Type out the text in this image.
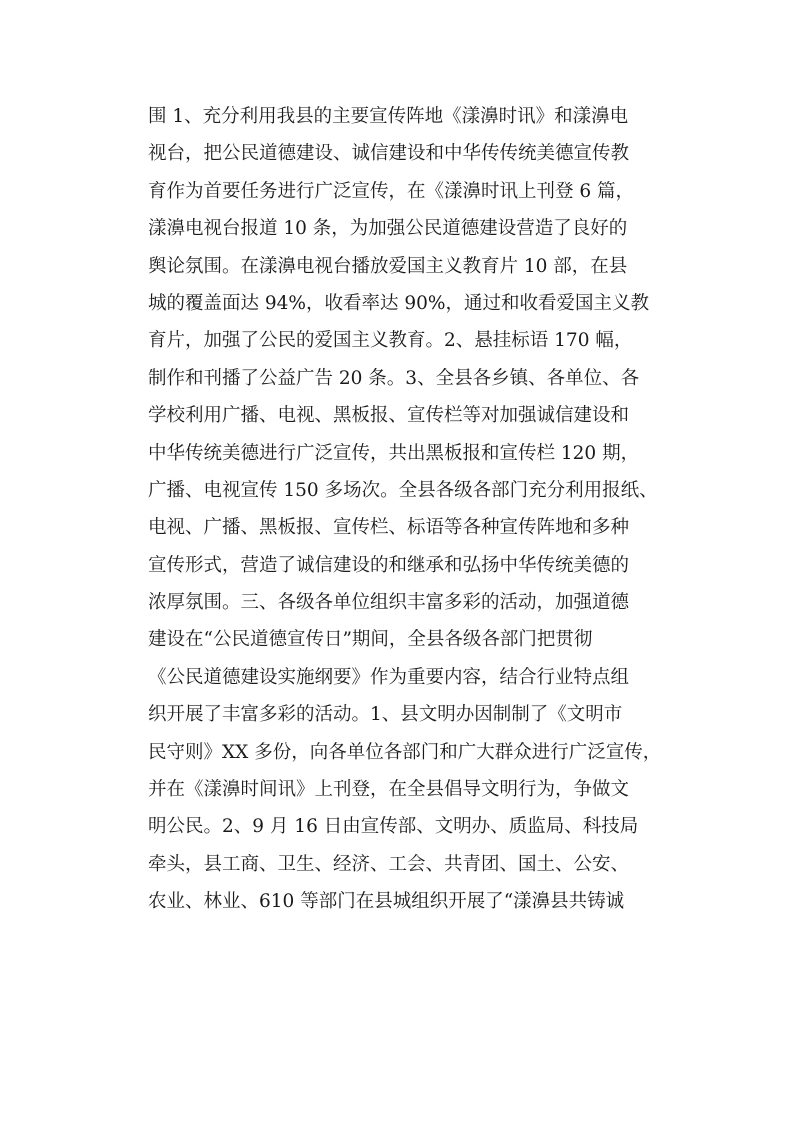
围 1、充分利用我县的主要宣传阵地《漾濞时讯》和漾濞电
视台，把公民道德建设、诚信建设和中华传传统美德宣传教
育作为首要任务进行广泛宣传，在《漾濞时讯上刊登 6 篇，
漾濞电视台报道 10 条，为加强公民道德建设营造了良好的
舆论氛围。在漾濞电视台播放爱国主义教育片 10 部，在县
城的覆盖面达 94%，收看率达 90%，通过和收看爱国主义教
育片，加强了公民的爱国主义教育。2、悬挂标语 170 幅，
制作和刊播了公益广告 20 条。3、全县各乡镇、各单位、各
学校利用广播、电视、黑板报、宣传栏等对加强诚信建设和
中华传统美德进行广泛宣传，共出黑板报和宣传栏 120 期，
广播、电视宣传 150 多场次。全县各级各部门充分利用报纸、
电视、广播、黑板报、宣传栏、标语等各种宣传阵地和多种
宣传形式，营造了诚信建设的和继承和弘扬中华传统美德的
浓厚氛围。三、各级各单位组织丰富多彩的活动，加强道德
建设在“公民道德宣传日”期间，全县各级各部门把贯彻
《公民道德建设实施纲要》作为重要内容，结合行业特点组
织开展了丰富多彩的活动。1、县文明办因制制了《文明市
民守则》XX 多份，向各单位各部门和广大群众进行广泛宣传，
并在《漾濞时间讯》上刊登，在全县倡导文明行为，争做文
明公民。2、9 月 16 日由宣传部、文明办、质监局、科技局
牵头，县工商、卫生、经济、工会、共青团、国土、公安、
农业、林业、610 等部门在县城组织开展了“漾濞县共铸诚
